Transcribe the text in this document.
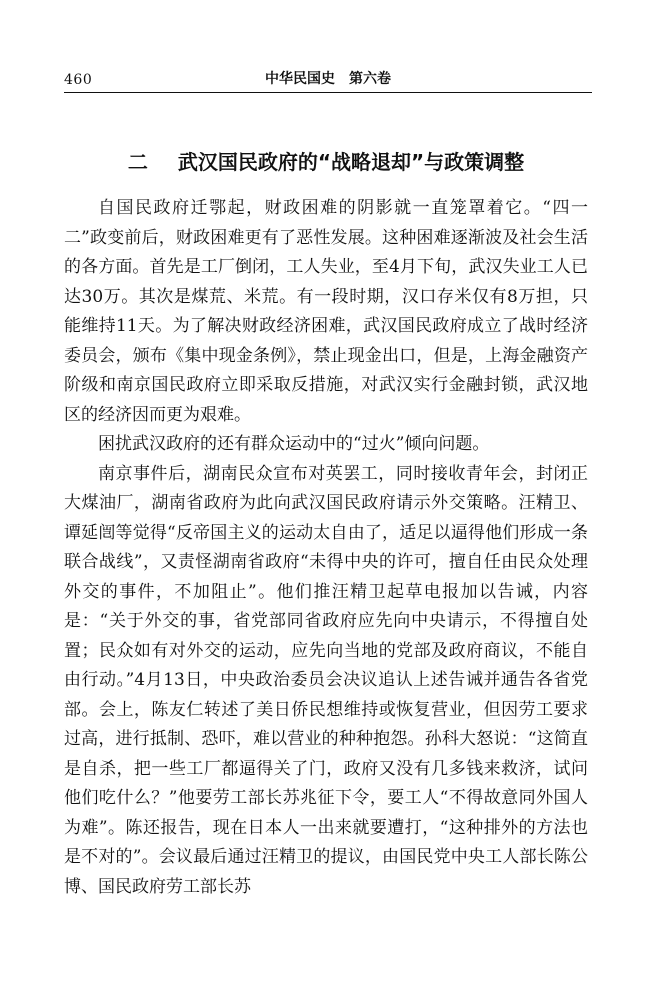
460	中华民国史　第六卷
二 武汉国民政府的“战略退却”与政策调整

自国民政府迁鄂起，财政困难的阴影就一直笼罩着它。“四一二”政变前后，财政困难更有了恶性发展。这种困难逐渐波及社会生活的各方面。首先是工厂倒闭，工人失业，至4月下旬，武汉失业工人已达30万。其次是煤荒、米荒。有一段时期，汉口存米仅有8万担，只能维持11天。为了解决财政经济困难，武汉国民政府成立了战时经济委员会，颁布《集中现金条例》，禁止现金出口，但是，上海金融资产阶级和南京国民政府立即采取反措施，对武汉实行金融封锁，武汉地区的经济因而更为艰难。

困扰武汉政府的还有群众运动中的“过火”倾向问题。

南京事件后，湖南民众宣布对英罢工，同时接收青年会，封闭正大煤油厂，湖南省政府为此向武汉国民政府请示外交策略。汪精卫、谭延闿等觉得“反帝国主义的运动太自由了，适足以逼得他们形成一条联合战线”，又责怪湖南省政府“未得中央的许可，擅自任由民众处理外交的事件，不加阻止”。他们推汪精卫起草电报加以告诫，内容是：“关于外交的事，省党部同省政府应先向中央请示，不得擅自处置；民众如有对外交的运动，应先向当地的党部及政府商议，不能自由行动。”4月13日，中央政治委员会决议追认上述告诫并通告各省党部。会上，陈友仁转述了美日侨民想维持或恢复营业，但因劳工要求过高，进行抵制、恐吓，难以营业的种种抱怨。孙科大怒说：“这简直是自杀，把一些工厂都逼得关了门，政府又没有几多钱来救济，试问他们吃什么？”他要劳工部长苏兆征下令，要工人“不得故意同外国人为难”。陈还报告，现在日本人一出来就要遭打，“这种排外的方法也是不对的”。会议最后通过汪精卫的提议，由国民党中央工人部长陈公博、国民政府劳工部长苏
